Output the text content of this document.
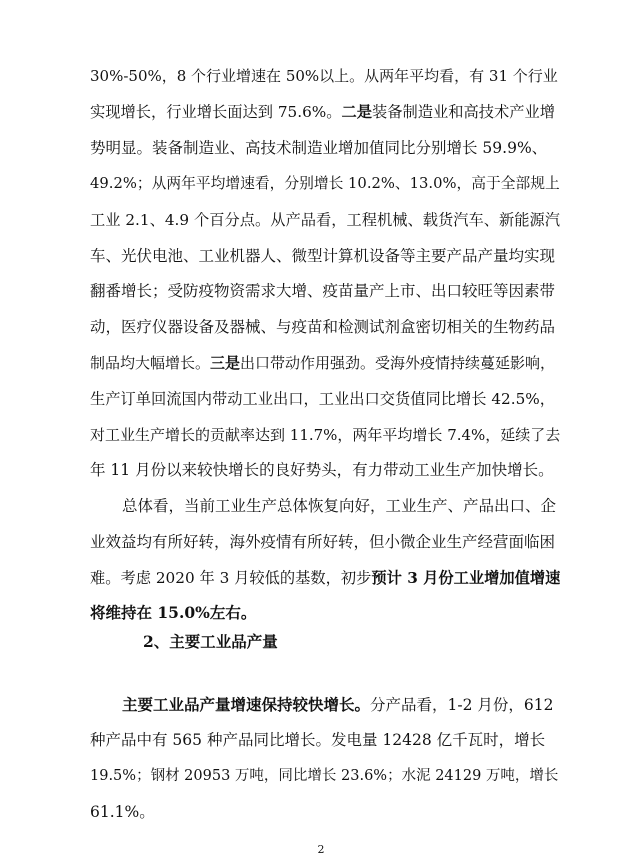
30%-50%，8 个行业增速在 50%以上。从两年平均看，有 31 个行业
实现增长，行业增长面达到 75.6%。二是装备制造业和高技术产业增
势明显。装备制造业、高技术制造业增加值同比分别增长 59.9%、
49.2%；从两年平均增速看，分别增长 10.2%、13.0%，高于全部规上
工业 2.1、4.9 个百分点。从产品看，工程机械、载货汽车、新能源汽
车、光伏电池、工业机器人、微型计算机设备等主要产品产量均实现
翻番增长；受防疫物资需求大增、疫苗量产上市、出口较旺等因素带
动，医疗仪器设备及器械、与疫苗和检测试剂盒密切相关的生物药品
制品均大幅增长。三是出口带动作用强劲。受海外疫情持续蔓延影响，
生产订单回流国内带动工业出口，工业出口交货值同比增长 42.5%，
对工业生产增长的贡献率达到 11.7%，两年平均增长 7.4%，延续了去
年 11 月份以来较快增长的良好势头，有力带动工业生产加快增长。
总体看，当前工业生产总体恢复向好，工业生产、产品出口、企
业效益均有所好转，海外疫情有所好转，但小微企业生产经营面临困
难。考虑 2020 年 3 月较低的基数，初步预计 3 月份工业增加值增速
将维持在 15.0%左右。
主要工业品产量增速保持较快增长。分产品看，1-2 月份，612
种产品中有 565 种产品同比增长。发电量 12428 亿千瓦时，增长
19.5%；钢材 20953 万吨，同比增长 23.6%；水泥 24129 万吨，增长
61.1%。
2、主要工业品产量
2
